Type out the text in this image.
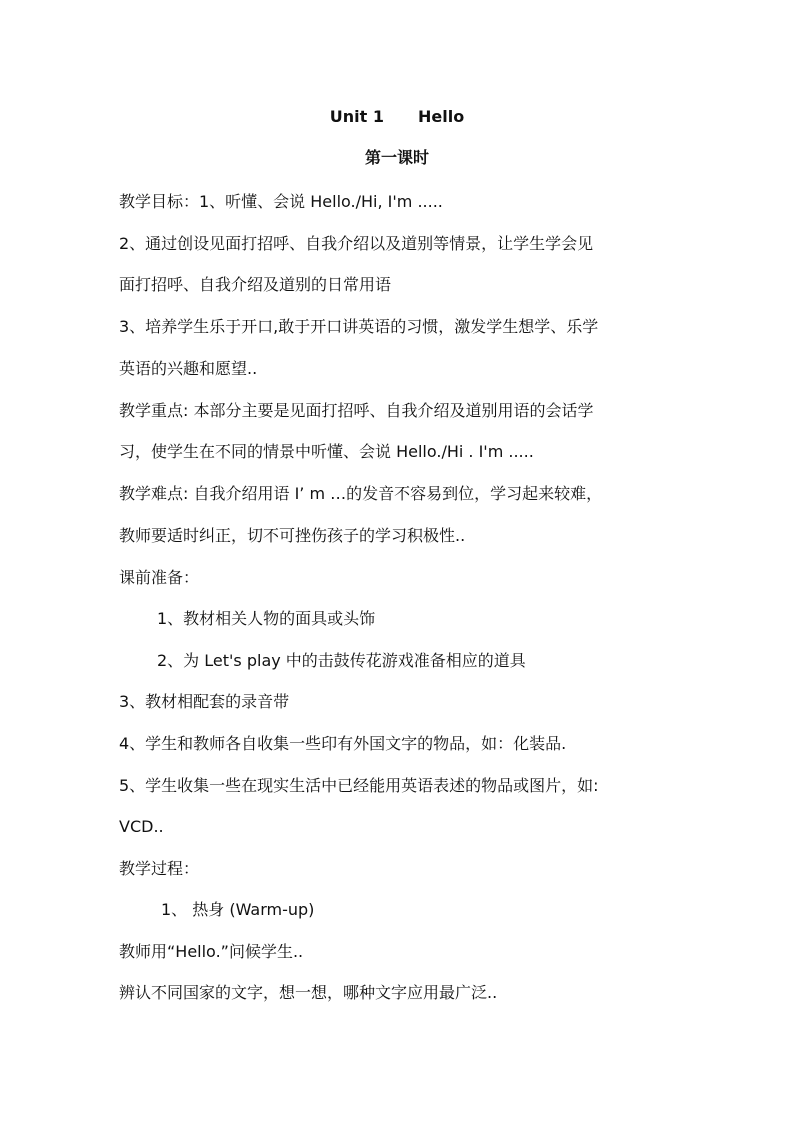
Unit 1 Hello
第一课时
教学目标：1、听懂、会说 Hello./Hi, I'm .....
2、通过创设见面打招呼、自我介绍以及道别等情景，让学生学会见
面打招呼、自我介绍及道别的日常用语
3、培养学生乐于开口,敢于开口讲英语的习惯，激发学生想学、乐学
英语的兴趣和愿望..
教学重点: 本部分主要是见面打招呼、自我介绍及道别用语的会话学
习，使学生在不同的情景中听懂、会说 Hello./Hi . I'm .....
教学难点: 自我介绍用语 I’ m …的发音不容易到位，学习起来较难，
教师要适时纠正，切不可挫伤孩子的学习积极性..
课前准备：
1、教材相关人物的面具或头饰
2、为 Let's play 中的击鼓传花游戏准备相应的道具
3、教材相配套的录音带
4、学生和教师各自收集一些印有外国文字的物品，如：化装品.
5、学生收集一些在现实生活中已经能用英语表述的物品或图片，如:
VCD..
教学过程：
1、 热身 (Warm-up)
教师用“Hello.”问候学生..
辨认不同国家的文字，想一想，哪种文字应用最广泛..
